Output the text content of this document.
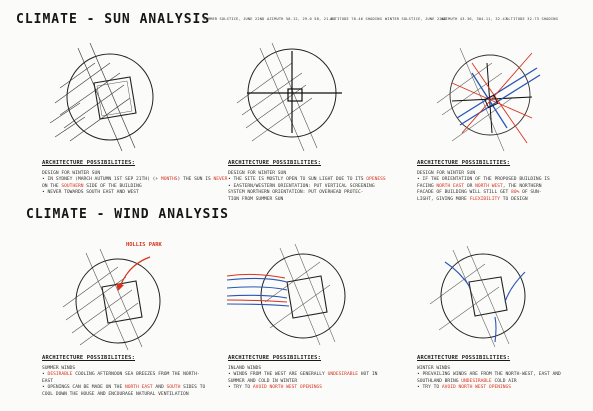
CLIMATE - SUN ANALYSIS
SUMMER SOLSTICE, JUNE 22ND AZIMUTH 58.12, 29.0 58, 21.65
ALTITUDE 78.46 SHADING WINTER SOLSTICE, JUNE 22ND
AZIMUTH 43.36, 304.11, 32.47
ALTITUDE 32.73 SHADING
ARCHITECTURE POSSIBILITIES:
DESIGN FOR WINTER SUN
• IN SYDNEY (MARCH AUTUMN 1ST SEP 21TH) (+ MONTHS) THE SUN IS NEVER
ON THE SOUTHERN SIDE OF THE BUILDING
• NEVER TOWARDS SOUTH EAST AND WEST
ARCHITECTURE POSSIBILITIES:
DESIGN FOR WINTER SUN
• THE SITE IS MOSTLY OPEN TO SUN LIGHT DUE TO ITS OPENESS
• EASTERN/WESTERN ORIENTATION: PUT VERTICAL SCREENING
SYSTEM NORTHERN ORIENTATION: PUT OVERHEAD PROTEC-
TION FROM SUMMER SUN
ARCHITECTURE POSSIBILITIES:
DESIGN FOR WINTER SUN
• IF THE ORIENTATION OF THE PROPOSED BUILDING IS
FACING NORTH EAST OR NORTH WEST, THE NORTHERN
FACADE OF BUILDING WILL STILL GET 80% OF SUN-
LIGHT, GIVING MORE FLEXIBILITY TO DESIGN
CLIMATE - WIND ANALYSIS
HOLLIS PARK
ARCHITECTURE POSSIBILITIES:
SUMMER WINDS
• DESIRABLE COOLING AFTERNOON SEA BREEZES FROM THE NORTH-
EAST
• OPENINGS CAN BE MADE ON THE NORTH EAST AND SOUTH SIDES TO
COOL DOWN THE HOUSE AND ENCOURAGE NATURAL VENTILATION
ARCHITECTURE POSSIBILITIES:
INLAND WINDS
• WINDS FROM THE WEST ARE GENERALLY UNDESIRABLE HOT IN
SUMMER AND COLD IN WINTER
• TRY TO AVOID NORTH WEST OPENINGS
ARCHITECTURE POSSIBILITIES:
WINTER WINDS
• PREVAILING WINDS ARE FROM THE NORTH-WEST, EAST AND
SOUTHLAND BRING UNDESIRABLE COLD AIR
• TRY TO AVOID NORTH WEST OPENINGS
